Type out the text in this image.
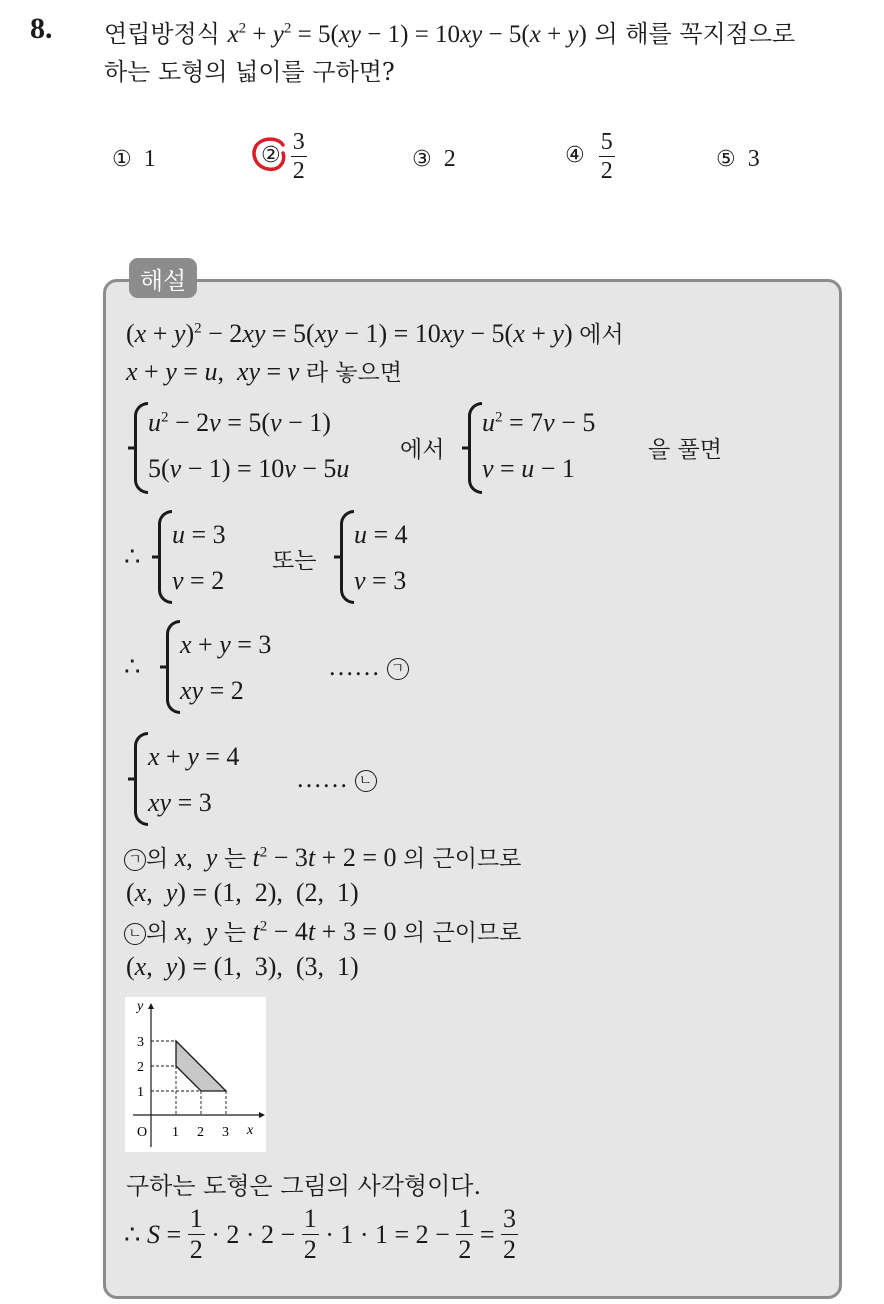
8. 연립방정식 $x^2 + y^2 = 5(xy - 1) = 10xy - 5(x + y)$ 의 해를 꼭지점으로
하는 도형의 넓이를 구하면?
① 1	② $\frac{3}{2}$	③ 2	④ $\frac{5}{2}$	⑤ 3
해설
$(x + y)^2 - 2xy = 5(xy - 1) = 10xy - 5(x + y)$ 에서
x + y = u,  xy = v 라 놓으면
$u^2 - 2v = 5(v - 1)$
5(v − 1) = 10v − 5u
에서
$u^2 = 7v - 5$
v = u − 1
을 풀면
∴
u = 3
v = 2
또는
u = 4
v = 3
∴
x + y = 3
xy = 2
…… ㄱ
x + y = 4
xy = 3
…… ㄴ
ㄱ 의 x,  y 는 $t^2 - 3t + 2 = 0$ 의 근이므로
(x,  y) = (1,  2),  (2,  1)
ㄴ 의 x,  y 는 $t^2 - 4t + 3 = 0$ 의 근이므로
(x,  y) = (1,  3),  (3,  1)
y
x
O 1 2 3
1
2
3
구하는 도형은 그림의 사각형이다.
∴
$S = \frac{1}{2} \cdot 2 \cdot 2 - \frac{1}{2} \cdot 1 \cdot 1 = 2 - \frac{1}{2} = \frac{3}{2}$
